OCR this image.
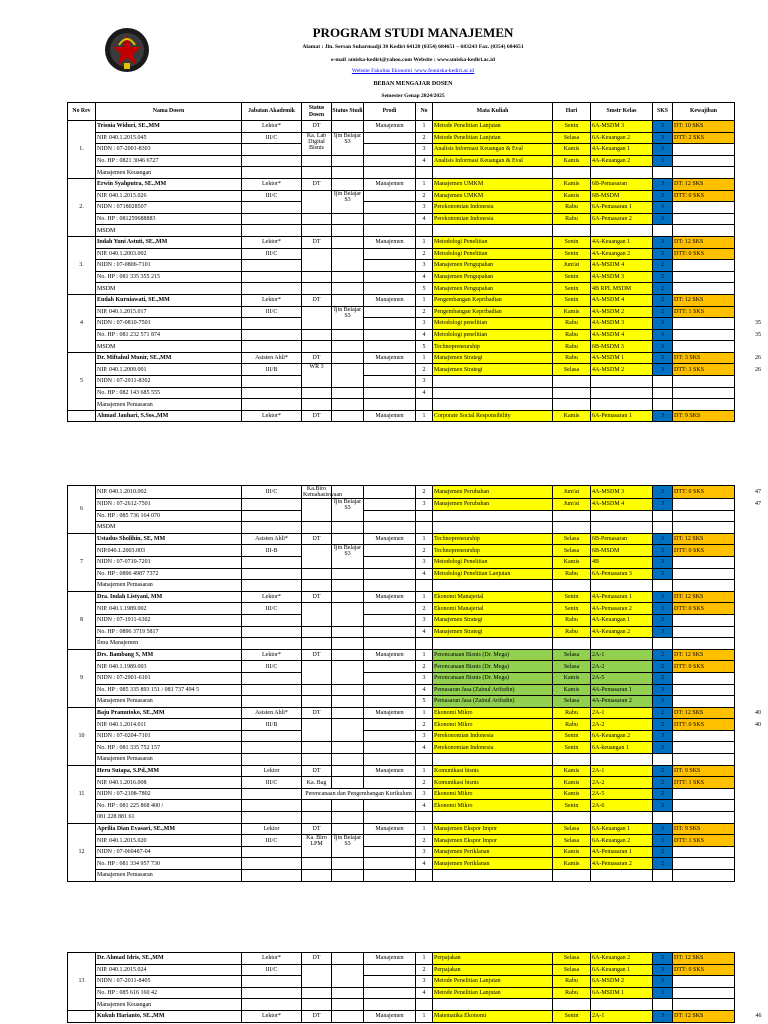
PROGRAM STUDI MANAJEMEN
Alamat : Jln. Sersan Suharmadji 38 Kediri 64128 (0354) 684651 – 683243 Fax. (0354) 684651
e-mail :uniska-kediri@yahoo.com Website : www.uniska-kediri.ac.id
Website Fakultas Ekonomi :www.feuniska-kediri.ac.id
BEBAN MENGAJAR DOSEN
Semester Genap 2024/2025
No Rev	Nama Dosen	Jabatan Akademik	Status Dosen	Status Studi	Prodi	No	Mata Kuliah	Hari	Smstr Kelas	SKS	Kewajiban	
1.	Trisnia Widuri, SE.,MM	Lektor*	DT		Manajemen	1	Metode Penelitian Lanjutan	Senin	6A-MSDM 3	3	DT: 10 SKS	
	NIP. 040.1.2015.045	III/C	Ka. Lab Digital Bisnis	Ijin Belajar S3		2	Metode Penelitian Lanjutan	Selasa	6A-Keuangan 2	3	DTT: 2 SKS	
	NIDN : 07-2001-8303					3	Analisis Informasi Keuangan & Eval	Kamis	4A-Keuangan 1	3		
	No. HP : 0821 3046 6727					4	Analisis Informasi Keuangan & Eval	Kamis	4A-Keuangan 2	3		
	Manajemen Keuangan											
2.	Erwin Syahputra, SE.,MM	Lektor*	DT		Manajemen	1	Manajemen UMKM	Kamis	6B-Pemasaran	3	DT: 12 SKS	
	NIP. 040.1.2015.026	III/C		Ijin Belajar S3		2	Manajemen UMKM	Kamis	6B-MSDM	3	DTT: 0 SKS	
	NIDN : 0718028507					3	Perekonomian Indonesia	Rabu	6A-Pemasaran 1	3		
	No. HP : 081259688883					4	Perekonomian Indonesia	Rabu	6A-Pemasaran 2	3		
	MSDM											
3.	Indah Yuni Astuti, SE.,MM	Lektor*	DT		Manajemen	1	Metodologi Penelitian	Senin	4A-Keuangan 1	3	DT: 12 SKS	
	NIP. 040.1.2003.002	III/C				2	Metodologi Penelitian	Senin	4A-Keuangan 2	3	DTT: 0 SKS	
	NIDN : 07-0806-7101					3	Manajemen Pengupahan	Jum'at	4A-MSDM 4	2		
	No. HP : 081 335 355 215					4	Manajemen Pengupahan	Senin	4A-MSDM 3	2		
	MSDM					5	Manajemen Pengupahan	Senin	4B RPL MSDM	2		
4	Endah Kurniawati, SE.,MM	Lektor*	DT		Manajemen	1	Pengembangan Kepribadian	Senin	4A-MSDM 4	2	DT: 12 SKS	
	NIP. 040.1.2015.017	III/C		Ijin Belajar S3		2	Pengembangan Kepribadian	Kamis	4A-MSDM 2	2	DTT: 1 SKS	
	NIDN : 07-0810-7501					3	Metodologi penelitian	Rabu	4A-MSDM 3	3		35
	No. HP : 081 232 571 874					4	Metodologi penelitian	Rabu	4A-MSDM 4	3		35
	MSDM					5	Technopreneurship	Rabu	6B-MSDM 3	3		
5	Dr. Miftahul Munir, SE.,MM	Asisten Ahli*	DT		Manajemen	1	Manajemen Strategi	Rabu	4A-MSDM 1	3	DT: 3 SKS	26
	NIP. 040.1.2009.001	III/B	WR 3			2	Manajemen Strategi	Selasa	4A-MSDM 2	3	DTT: 3 SKS	26
	NIDN : 07-2911-8302					3						
	No. HP : 082 143 685 555					4						
	Manajemen Pemasaran											
	Ahmad Jauhari, S.Sos.,MM	Lektor*	DT		Manajemen	1	Corporate Social Responsibility	Kamis	6A-Pemasaran 1	3	DT: 9 SKS	
6	NIP. 040.1.2010.002	III/C	Ka.Biro Kemahasiswaan			2	Manajemen Perubahan	Jum'at	4A-MSDM 3	3	DTT: 0 SKS	47
	NIDN : 07-2612-7501			Ijin Belajar S3		3	Manajemen Perubahan	Jum'at	4A-MSDM 4	3		47
	No. HP : 085 736 164 070											
	MSDM											
7	Ustadus Sholihin, SE, MM	Asisten Ahli*	DT		Manajemen	1	Technopreneurship	Selasa	6B-Pemasaran	3	DT: 12 SKS	
	NIP.040.1.2003.003	III-B		Ijin Belajar S3		2	Technopreneurship	Selasa	6B-MSDM	3	DTT: 0 SKS	
	NIDN : 07-0710-7201					3	Metodologi Penelitian	Kamis	4B	3		
	No. HP : 0896 4987 7372					4	Metodologi Penelitian Lanjutan	Rabu	6A-Pemasaran 3	3		
	Manajemen Pemasaran											
8	Dra. Indah Listyani, MM	Lektor*	DT		Manajemen	1	Ekonomi Manajerial	Senin	4A-Pemasaran 1	3	DT: 12 SKS	
	NIP. 040.1.1989.002	III/C				2	Ekonomi Manajerial	Senin	4A-Pemasaran 2	3	DTT: 0 SKS	
	NIDN : 07-1911-6302					3	Manajemen Strategi	Rabu	4A-Keuangan 1	3		
	No. HP : 0896 3719 5817					4	Manajemen Strategi	Rabu	4A-Keuangan 2	3		
	Ilmu Manajemen											
9	Drs. Bambang S, MM	Lektor*	DT		Manajemen	1	Perencanaan Bisnis (Dr. Mega)	Selasa	2A-1	2	DT: 12 SKS	
	NIP. 040.1.1989.003	III/C				2	Perencanaan Bisnis (Dr. Mega)	Selasa	2A-2	2	DTT: 0 SKS	
	NIDN : 07-2901-6101					3	Perencanaan Bisnis (Dr. Mega)	Kamis	2A-5	2		
	No. HP : 085 335 893 151 / 081 737 494 5					4	Pemasaran Jasa (Zainul Arifudin)	Kamis	4A-Pemasaran 1	3		
	Manajemen Pemasaran					5	Pemasaran Jasa (Zainul Arifudin)	Selasa	4A-Pemasaran 2	3		
10	Baju Pramutoko, SE.,MM	Asisten Ahli*	DT		Manajemen	1	Ekonomi Mikro	Rabu	2A-1	2	DT: 12 SKS	40
	NIP. 040.1.2014.011	III/B				2	Ekonomi Mikro	Rabu	2A-2	2	DTT: 0 SKS	40
	NIDN : 07-0204-7101					3	Perekonomian Indonesia	Senin	6A-Keuangan 2	3		
	No. HP : 081 335 752 157					4	Perekonomian Indonesia	Senin	6A-keuangan 1	3		
	Manajemen Pemasaran											
11	Heru Sutapa, S.Pd.,MM	Lektor	DT		Manajemen	1	Komunikasi bisnis	Kamis	2A-1	2	DT: 9 SKS	
	NIP. 040.1.2016.008	III/C	Ka. Bag			2	Komunikasi bisnis	Kamis	2A-2	2	DTT: 1 SKS	
	NIDN : 07-2108-7802		Perencanaan dan Pengembangan Kurikulum			3	Ekonomi Mikro	Kamis	2A-5	2		
	No. HP : 081 225 868 400 /					4	Ekonomi Mikro	Senin	2A-6	3		
	081 228 881 61											
12	Aprilia Dian Evasari, SE.,MM	Lektor	DT		Manajemen	1	Manajemen Ekspor Impor	Selasa	6A-Keuangan 1	3	DT: 9 SKS	
	NIP. 040.1.2015.020	III/C	Ka. Biro LPM	Ijin Belajar S3		2	Manajemen Ekspor Impor	Selasa	6A-Keuangan 2	3	DTT: 1 SKS	
	NIDN : 07-060487-04					3	Manajemen Periklanan	Kamis	4A-Pemasaran 1	2		
	No. HP : 081 334 957 730					4	Manajemen Periklanan	Kamis	4A-Pemasaran 2	2		
	Manajemen Pemasaran											
13	Dr. Ahmad Idris, SE.,MM	Lektor*	DT		Manajemen	1	Perpajakan	Selasa	6A-Keuangan 2	3	DT: 12 SKS	
	NIP. 040.1.2015.024	III/C				2	Perpajakan	Selasa	6A-Keuangan 1	3	DTT: 0 SKS	
	NIDN : 07-2011-8405					3	Metode Penelitian Lanjutan	Rabu	6A-MSDM 2	3		
	No. HP : 085 616 160 42					4	Metode Penelitian Lanjutan	Rabu	6A-MSDM 1	3		
	Manajemen Keuangan											
	Kukuh Harianto, SE.,MM	Lektor*	DT		Manajemen	1	Matematika Ekonomi	Senin	2A-1	3	DT: 12 SKS	46
